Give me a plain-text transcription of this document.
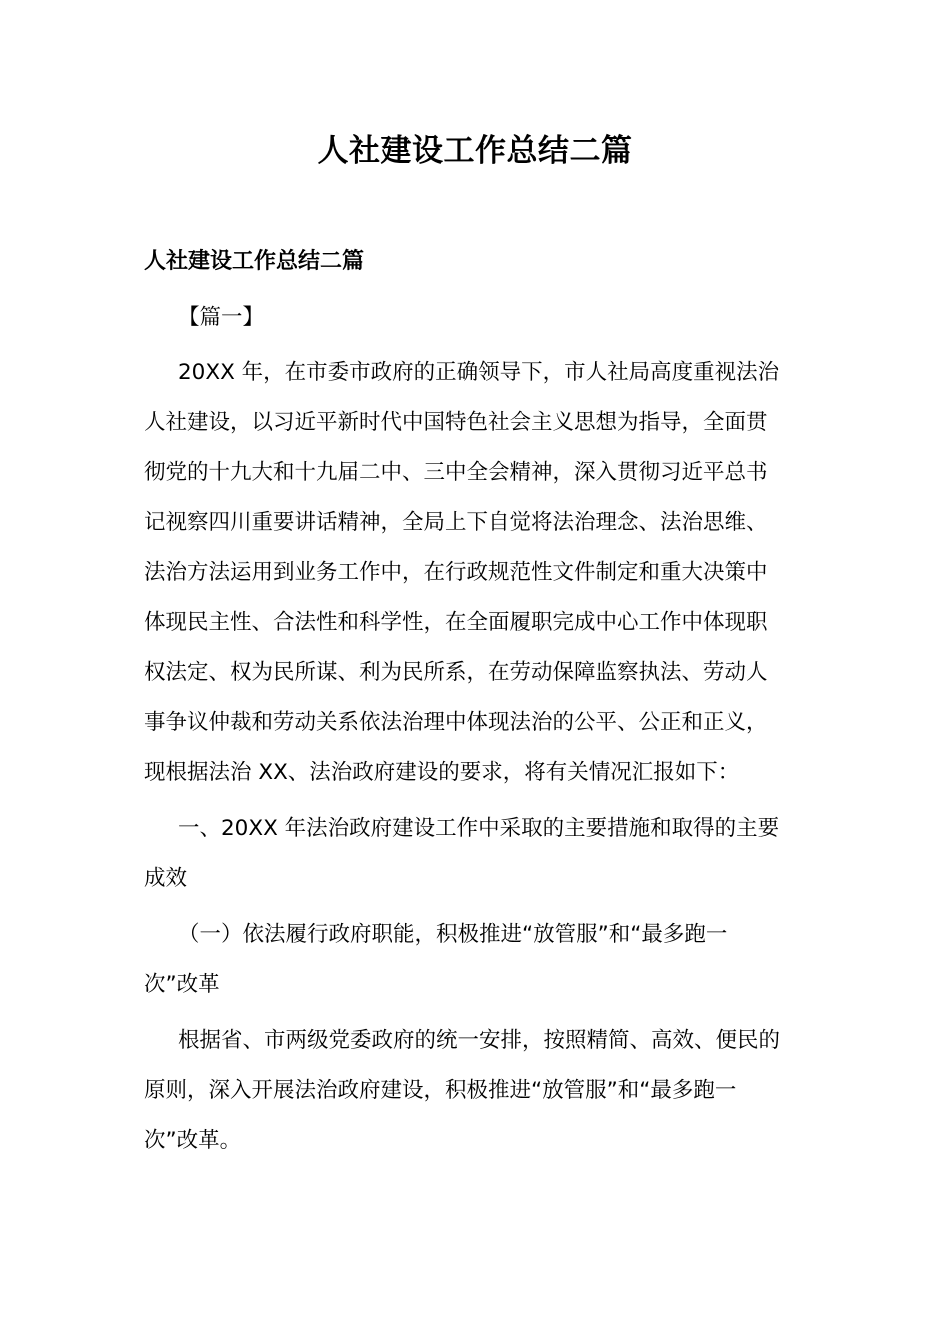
人社建设工作总结二篇
人社建设工作总结二篇
【篇一】
20XX 年，在市委市政府的正确领导下，市人社局高度重视法治
人社建设，以习近平新时代中国特色社会主义思想为指导，全面贯
彻党的十九大和十九届二中、三中全会精神，深入贯彻习近平总书
记视察四川重要讲话精神，全局上下自觉将法治理念、法治思维、
法治方法运用到业务工作中，在行政规范性文件制定和重大决策中
体现民主性、合法性和科学性，在全面履职完成中心工作中体现职
权法定、权为民所谋、利为民所系，在劳动保障监察执法、劳动人
事争议仲裁和劳动关系依法治理中体现法治的公平、公正和正义，
现根据法治 XX、法治政府建设的要求，将有关情况汇报如下：
一、20XX 年法治政府建设工作中采取的主要措施和取得的主要
成效
（一）依法履行政府职能，积极推进“放管服”和“最多跑一
次”改革
根据省、市两级党委政府的统一安排，按照精简、高效、便民的
原则，深入开展法治政府建设，积极推进“放管服”和“最多跑一
次”改革。
